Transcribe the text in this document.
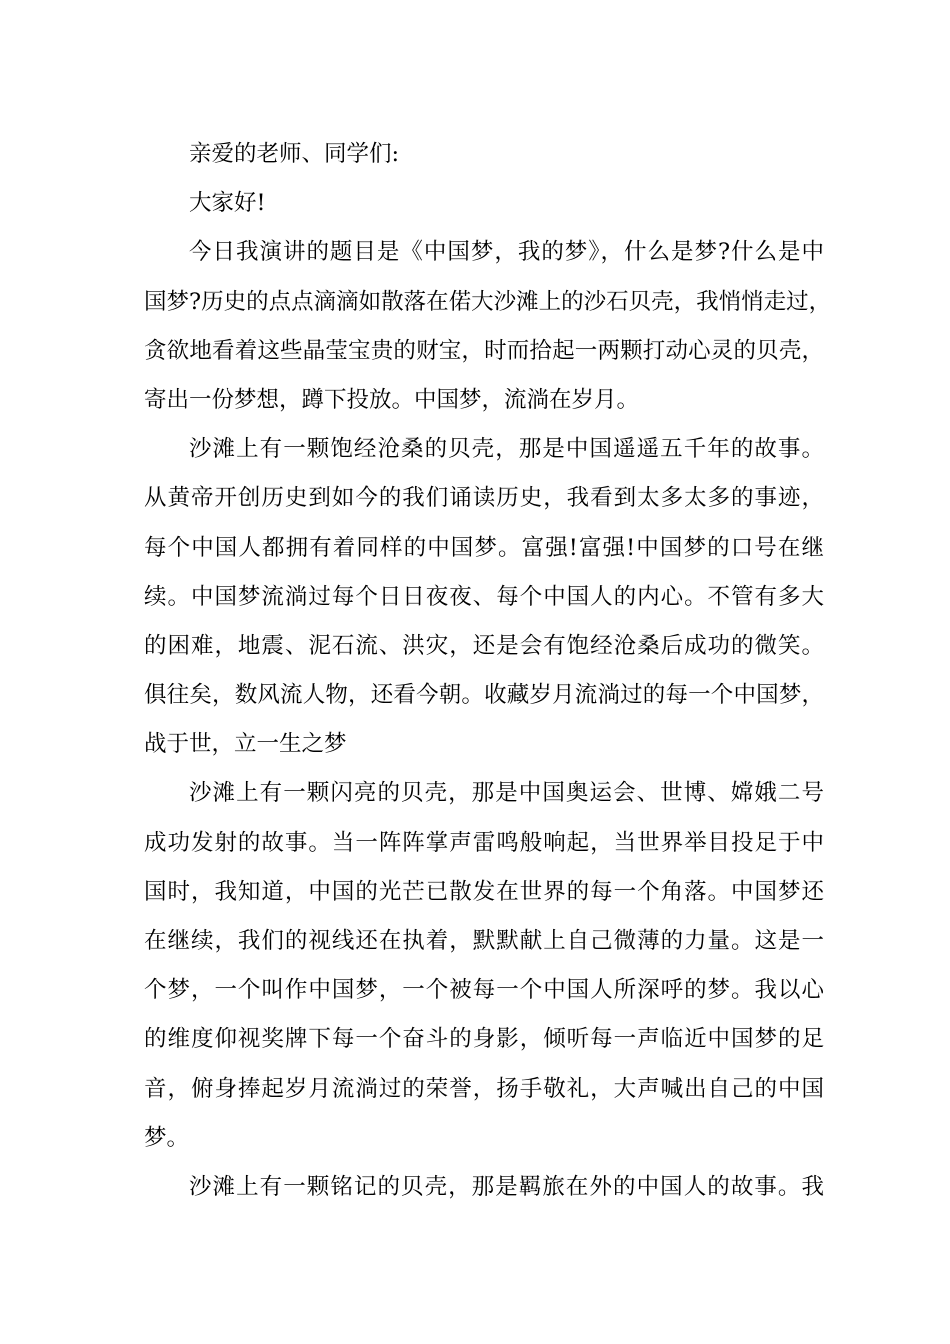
亲爱的老师、同学们:
大家好!
今日我演讲的题目是《中国梦，我的梦》，什么是梦?什么是中
国梦?历史的点点滴滴如散落在偌大沙滩上的沙石贝壳，我悄悄走过，
贪欲地看着这些晶莹宝贵的财宝，时而拾起一两颗打动心灵的贝壳，
寄出一份梦想，蹲下投放。中国梦，流淌在岁月。
沙滩上有一颗饱经沧桑的贝壳，那是中国遥遥五千年的故事。
从黄帝开创历史到如今的我们诵读历史，我看到太多太多的事迹，
每个中国人都拥有着同样的中国梦。富强!富强!中国梦的口号在继
续。中国梦流淌过每个日日夜夜、每个中国人的内心。不管有多大
的困难，地震、泥石流、洪灾，还是会有饱经沧桑后成功的微笑。
俱往矣，数风流人物，还看今朝。收藏岁月流淌过的每一个中国梦，
战于世，立一生之梦
沙滩上有一颗闪亮的贝壳，那是中国奥运会、世博、嫦娥二号
成功发射的故事。当一阵阵掌声雷鸣般响起，当世界举目投足于中
国时，我知道，中国的光芒已散发在世界的每一个角落。中国梦还
在继续，我们的视线还在执着，默默献上自己微薄的力量。这是一
个梦，一个叫作中国梦，一个被每一个中国人所深呼的梦。我以心
的维度仰视奖牌下每一个奋斗的身影，倾听每一声临近中国梦的足
音，俯身捧起岁月流淌过的荣誉，扬手敬礼，大声喊出自己的中国
梦。
沙滩上有一颗铭记的贝壳，那是羁旅在外的中国人的故事。我
